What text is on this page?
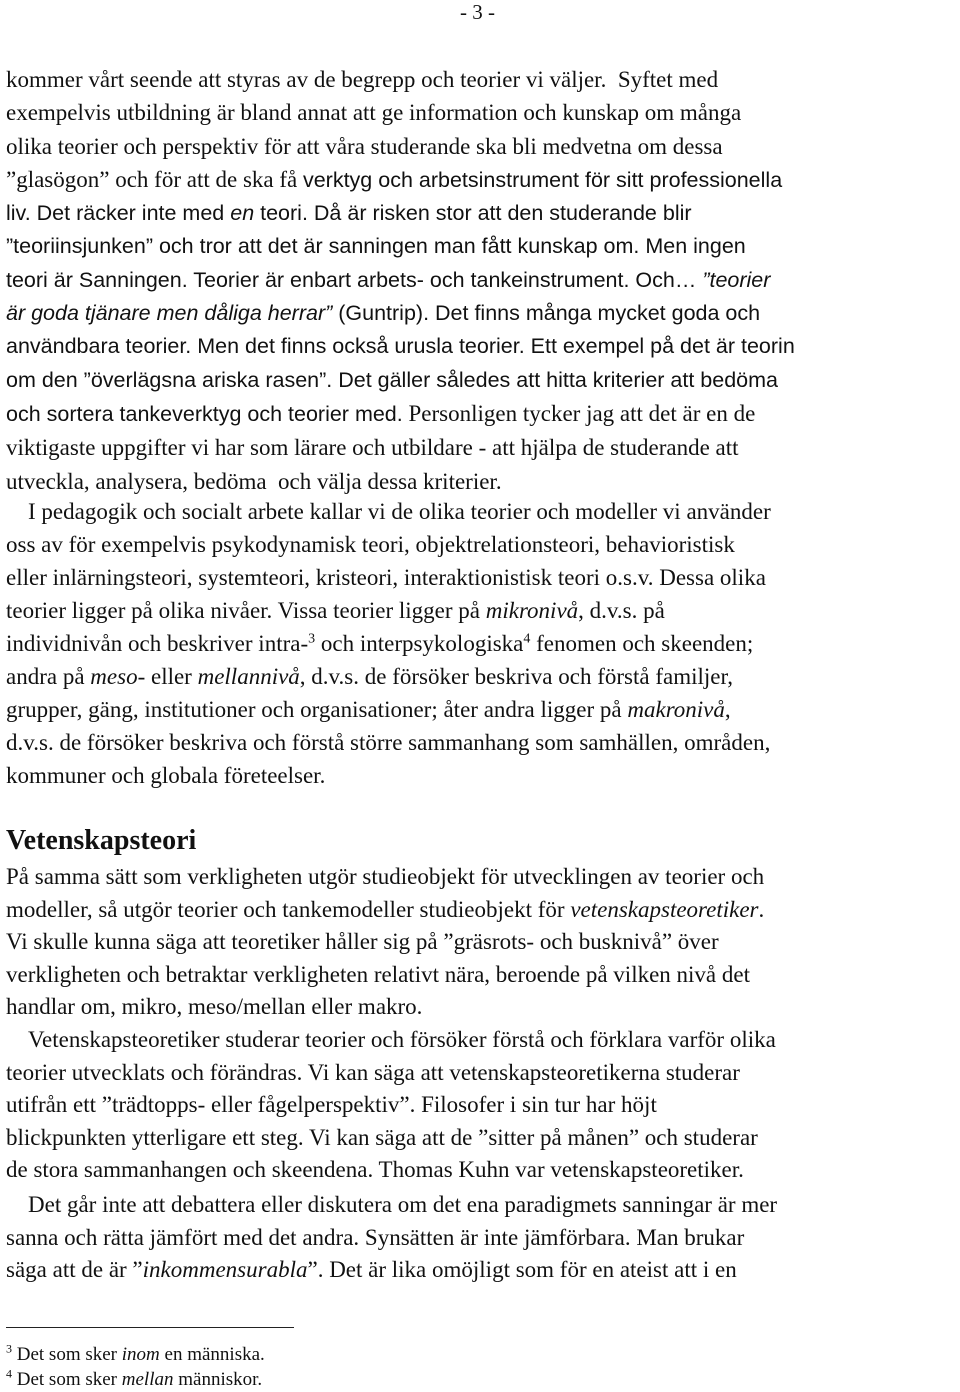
- 3 -
kommer vårt seende att styras av de begrepp och teorier vi väljer.  Syftet med
exempelvis utbildning är bland annat att ge information och kunskap om många
olika teorier och perspektiv för att våra studerande ska bli medvetna om dessa
”glasögon” och för att de ska få verktyg och arbetsinstrument för sitt professionella
liv. Det räcker inte med en teori. Då är risken stor att den studerande blir
”teoriinsjunken” och tror att det är sanningen man fått kunskap om. Men ingen
teori är Sanningen. Teorier är enbart arbets- och tankeinstrument. Och… ”teorier
är goda tjänare men dåliga herrar” (Guntrip). Det finns många mycket goda och
användbara teorier. Men det finns också urusla teorier. Ett exempel på det är teorin
om den ”överlägsna ariska rasen”. Det gäller således att hitta kriterier att bedöma
och sortera tankeverktyg och teorier med. Personligen tycker jag att det är en de
viktigaste uppgifter vi har som lärare och utbildare - att hjälpa de studerande att
utveckla, analysera, bedöma  och välja dessa kriterier.
I pedagogik och socialt arbete kallar vi de olika teorier och modeller vi använder
oss av för exempelvis psykodynamisk teori, objektrelationsteori, behavioristisk
eller inlärningsteori, systemteori, kristeori, interaktionistisk teori o.s.v. Dessa olika
teorier ligger på olika nivåer. Vissa teorier ligger på mikronivå, d.v.s. på
individnivån och beskriver intra-$^3$ och interpsykologiska$^4$ fenomen och skeenden;
andra på meso- eller mellannivå, d.v.s. de försöker beskriva och förstå familjer,
grupper, gäng, institutioner och organisationer; åter andra ligger på makronivå,
d.v.s. de försöker beskriva och förstå större sammanhang som samhällen, områden,
kommuner och globala företeelser.
Vetenskapsteori
På samma sätt som verkligheten utgör studieobjekt för utvecklingen av teorier och
modeller, så utgör teorier och tankemodeller studieobjekt för vetenskapsteoretiker.
Vi skulle kunna säga att teoretiker håller sig på ”gräsrots- och busknivå” över
verkligheten och betraktar verkligheten relativt nära, beroende på vilken nivå det
handlar om, mikro, meso/mellan eller makro.
Vetenskapsteoretiker studerar teorier och försöker förstå och förklara varför olika
teorier utvecklats och förändras. Vi kan säga att vetenskapsteoretikerna studerar
utifrån ett ”trädtopps- eller fågelperspektiv”. Filosofer i sin tur har höjt
blickpunkten ytterligare ett steg. Vi kan säga att de ”sitter på månen” och studerar
de stora sammanhangen och skeendena. Thomas Kuhn var vetenskapsteoretiker.
Det går inte att debattera eller diskutera om det ena paradigmets sanningar är mer
sanna och rätta jämfört med det andra. Synsätten är inte jämförbara. Man brukar
säga att de är ”inkommensurabla”. Det är lika omöjligt som för en ateist att i en
$^3$ Det som sker inom en människa.
$^4$ Det som sker mellan människor.
